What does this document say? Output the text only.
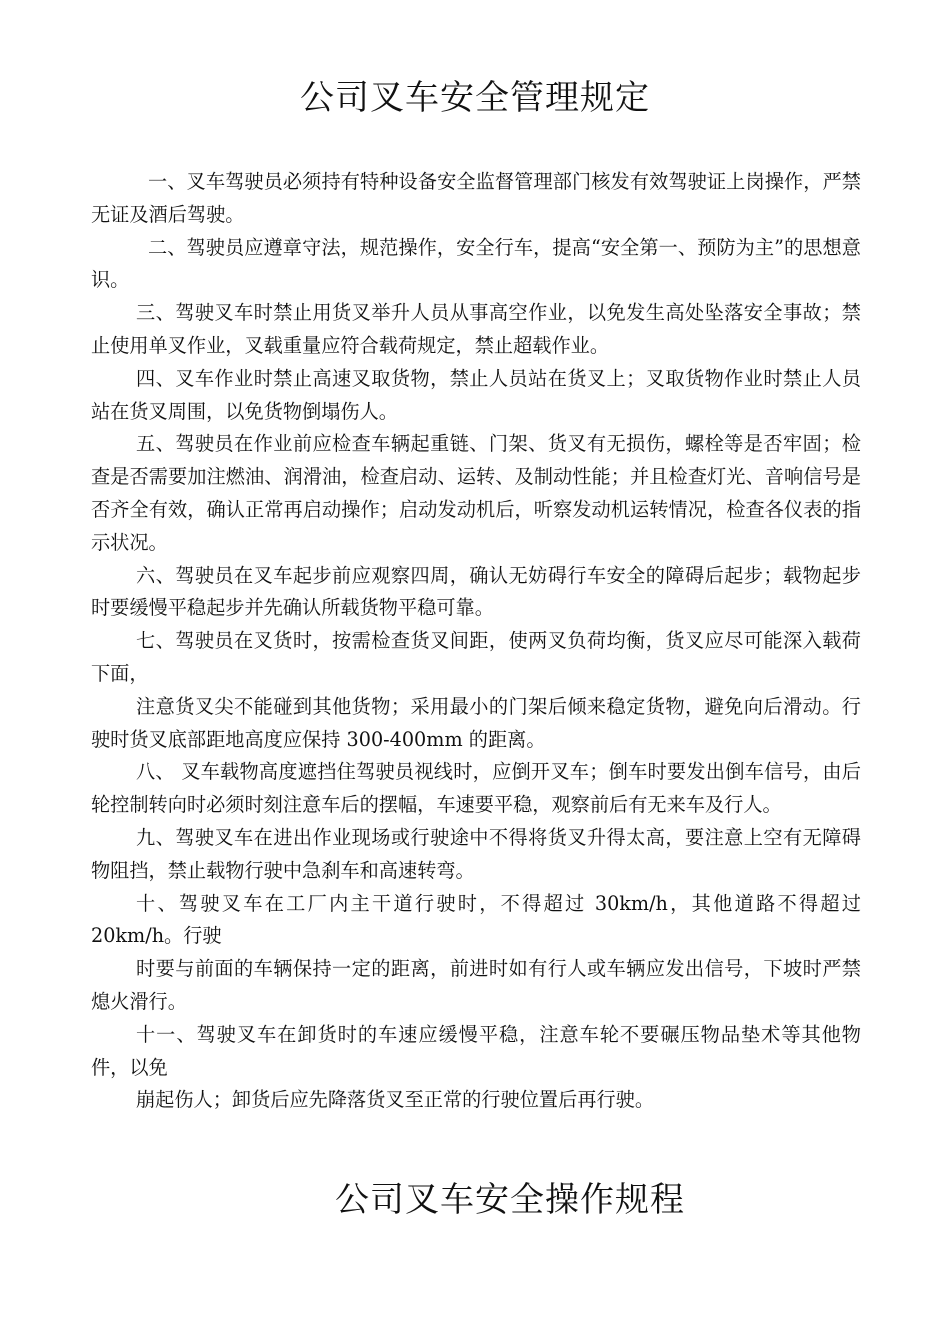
公司叉车安全管理规定

一、叉车驾驶员必须持有特种设备安全监督管理部门核发有效驾驶证上岗操作，严禁无证及酒后驾驶。

二、驾驶员应遵章守法，规范操作，安全行车，提高“安全第一、预防为主”的思想意识。

三、驾驶叉车时禁止用货叉举升人员从事高空作业，以免发生高处坠落安全事故；禁止使用单叉作业，叉载重量应符合载荷规定，禁止超载作业。

四、叉车作业时禁止高速叉取货物，禁止人员站在货叉上；叉取货物作业时禁止人员站在货叉周围，以免货物倒塌伤人。

五、驾驶员在作业前应检查车辆起重链、门架、货叉有无损伤，螺栓等是否牢固；检查是否需要加注燃油、润滑油，检查启动、运转、及制动性能；并且检查灯光、音响信号是否齐全有效，确认正常再启动操作；启动发动机后，听察发动机运转情况，检查各仪表的指示状况。

六、驾驶员在叉车起步前应观察四周，确认无妨碍行车安全的障碍后起步；载物起步时要缓慢平稳起步并先确认所载货物平稳可靠。

七、驾驶员在叉货时，按需检查货叉间距，使两叉负荷均衡，货叉应尽可能深入载荷下面，

注意货叉尖不能碰到其他货物；采用最小的门架后倾来稳定货物，避免向后滑动。行驶时货叉底部距地高度应保持 300-400mm 的距离。

八、 叉车载物高度遮挡住驾驶员视线时，应倒开叉车；倒车时要发出倒车信号，由后轮控制转向时必须时刻注意车后的摆幅，车速要平稳，观察前后有无来车及行人。

九、驾驶叉车在进出作业现场或行驶途中不得将货叉升得太高，要注意上空有无障碍物阻挡，禁止载物行驶中急刹车和高速转弯。

十、驾驶叉车在工厂内主干道行驶时，不得超过 30km/h，其他道路不得超过 20km/h。行驶

时要与前面的车辆保持一定的距离，前进时如有行人或车辆应发出信号，下坡时严禁熄火滑行。

十一、驾驶叉车在卸货时的车速应缓慢平稳，注意车轮不要碾压物品垫术等其他物件，以免

崩起伤人；卸货后应先降落货叉至正常的行驶位置后再行驶。

公司叉车安全操作规程
